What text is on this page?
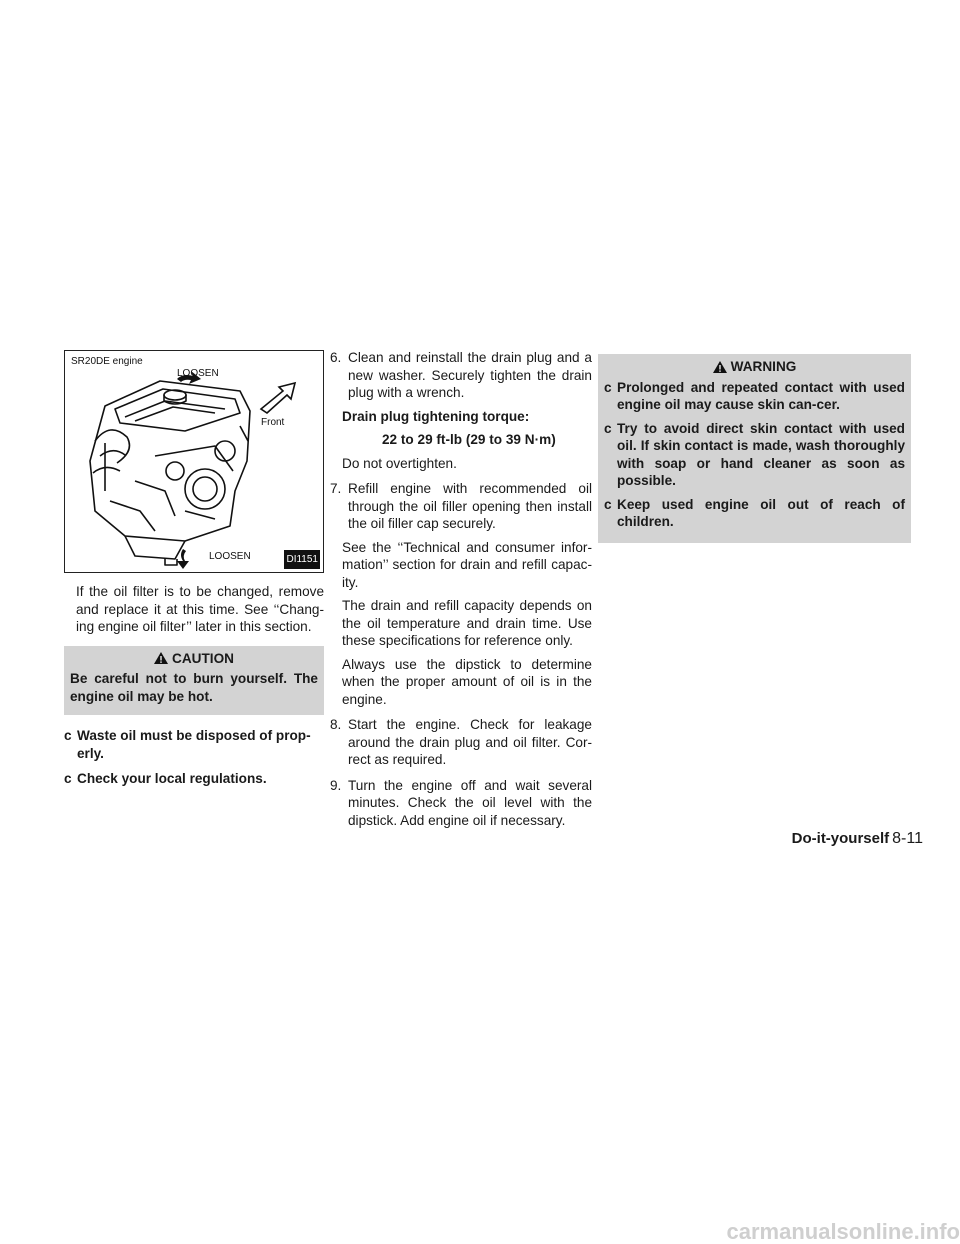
SR20DE engine
LOOSEN
Front
LOOSEN	DI1151

If the oil filter is to be changed, remove and replace it at this time. See ‘‘Chang-ing engine oil filter’’ later in this section.

CAUTION

Be careful not to burn yourself. The engine oil may be hot.

c Waste oil must be disposed of prop-erly.
c Check your local regulations.
6. Clean and reinstall the drain plug and a new washer. Securely tighten the drain plug with a wrench.

Drain plug tightening torque:

22 to 29 ft-lb (29 to 39 N·m)

Do not overtighten.

7. Refill engine with recommended oil through the oil filler opening then install the oil filler cap securely.

See the ‘‘Technical and consumer infor-mation’’ section for drain and refill capac-ity.

The drain and refill capacity depends on the oil temperature and drain time. Use these specifications for reference only.

Always use the dipstick to determine when the proper amount of oil is in the engine.

8. Start the engine. Check for leakage around the drain plug and oil filter. Cor-rect as required.
9. Turn the engine off and wait several minutes. Check the oil level with the dipstick. Add engine oil if necessary.
WARNING
c Prolonged and repeated contact with used engine oil may cause skin can-cer.
c Try to avoid direct skin contact with used oil. If skin contact is made, wash thoroughly with soap or hand cleaner as soon as possible.
c Keep used engine oil out of reach of children.
Do-it-yourself 8-11
carmanualsonline.info
